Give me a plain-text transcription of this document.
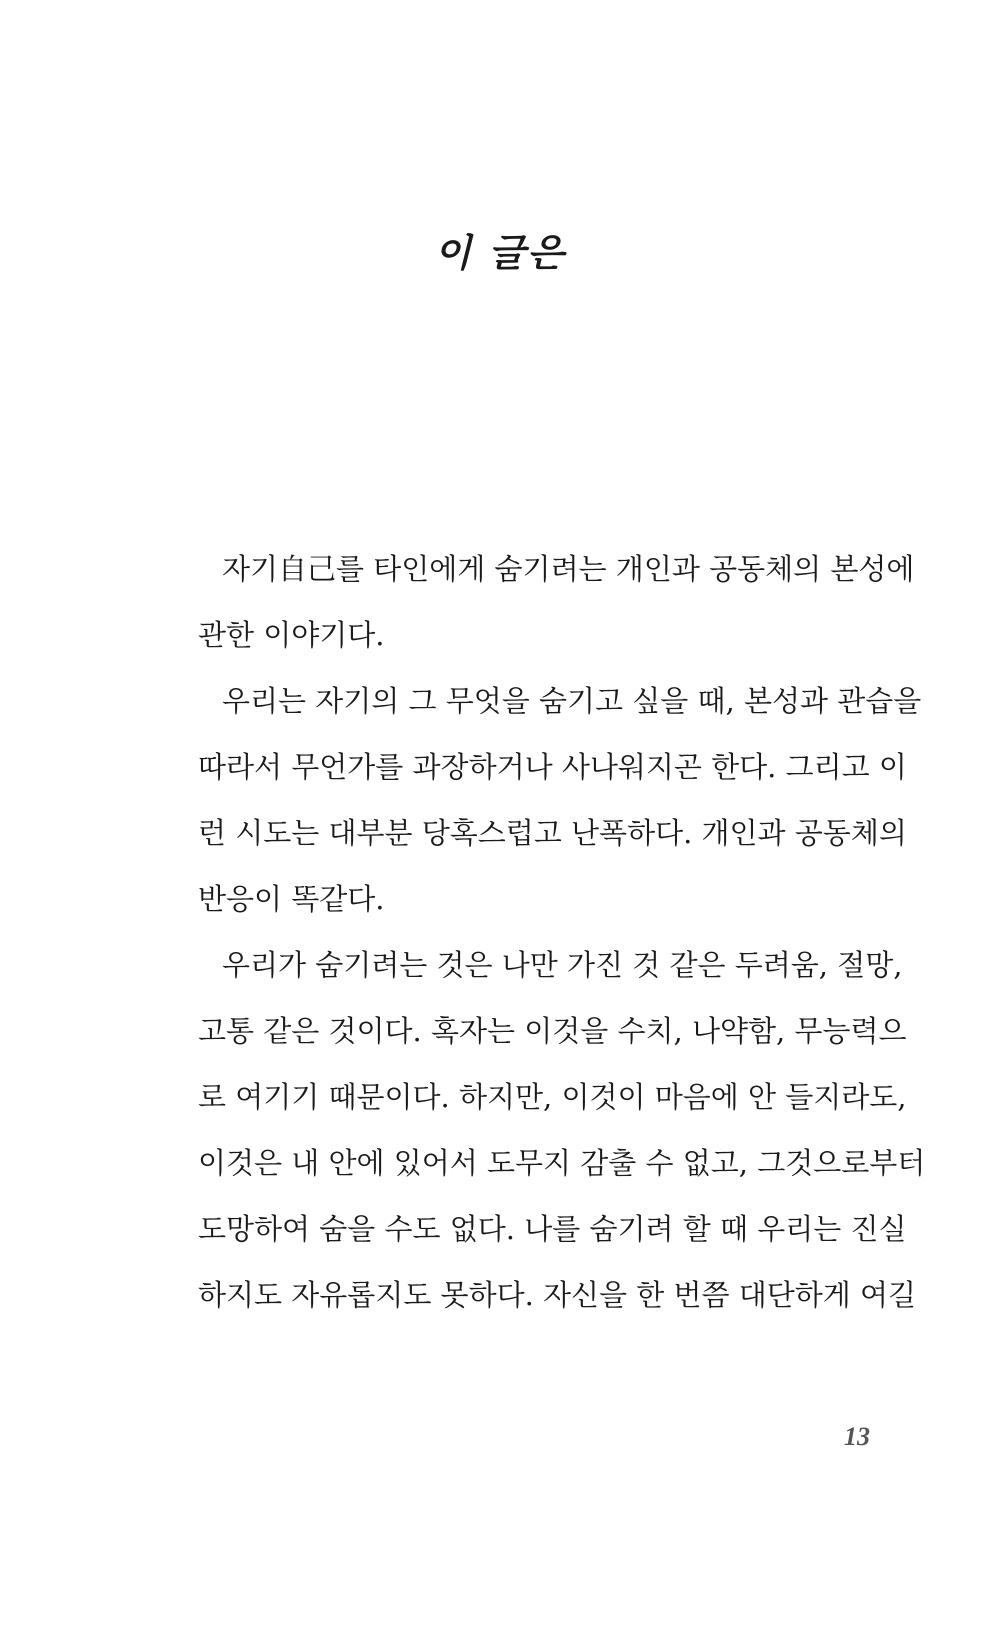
이 글은
자기自己를 타인에게 숨기려는 개인과 공동체의 본성에
관한 이야기다.
우리는 자기의 그 무엇을 숨기고 싶을 때, 본성과 관습을
따라서 무언가를 과장하거나 사나워지곤 한다. 그리고 이
런 시도는 대부분 당혹스럽고 난폭하다. 개인과 공동체의
반응이 똑같다.
우리가 숨기려는 것은 나만 가진 것 같은 두려움, 절망,
고통 같은 것이다. 혹자는 이것을 수치, 나약함, 무능력으
로 여기기 때문이다. 하지만, 이것이 마음에 안 들지라도,
이것은 내 안에 있어서 도무지 감출 수 없고, 그것으로부터
도망하여 숨을 수도 없다. 나를 숨기려 할 때 우리는 진실
하지도 자유롭지도 못하다. 자신을 한 번쯤 대단하게 여길
13
